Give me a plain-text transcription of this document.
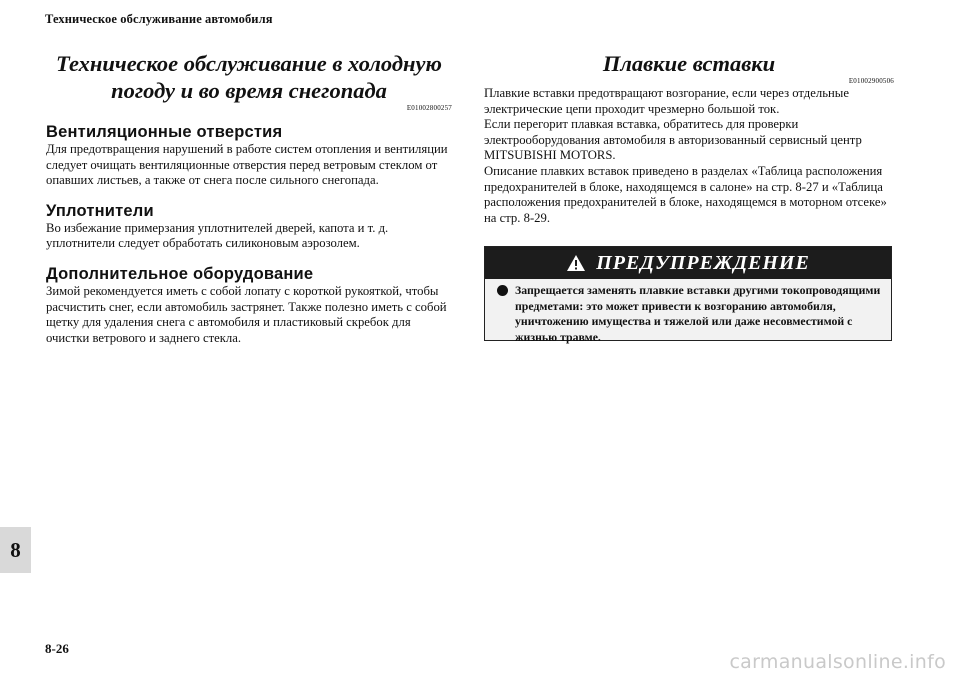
Техническое обслуживание автомобиля
Техническое обслуживание в холодную погоду и во время снегопада

E01002800257

Вентиляционные отверстия

Для предотвращения нарушений в работе систем отопления и вентиляции следует очищать вентиляционные отверстия перед ветровым стеклом от опавших листьев, а также от снега после сильного снегопада.

Уплотнители

Во избежание примерзания уплотнителей дверей, капота и т. д. уплотнители следует обработать силиконовым аэрозолем.

Дополнительное оборудование

Зимой рекомендуется иметь с собой лопату с короткой рукояткой, чтобы расчистить снег, если автомобиль застрянет. Также полезно иметь с собой щетку для удаления снега с автомобиля и пластиковый скребок для очистки ветрового и заднего стекла.

Плавкие вставки

E01002900506

Плавкие вставки предотвращают возгорание, если через отдельные электрические цепи проходит чрезмерно большой ток.

Если перегорит плавкая вставка, обратитесь для проверки электрооборудования автомобиля в авторизованный сервисный центр MITSUBISHI MOTORS.

Описание плавких вставок приведено в разделах «Таблица расположения предохранителей в блоке, находящемся в салоне» на стр. 8-27 и «Таблица расположения предохранителей в блоке, находящемся в моторном отсеке» на стр. 8-29.

ПРЕДУПРЕЖДЕНИЕ

Запрещается заменять плавкие вставки другими токопроводящими предметами: это может привести к возгоранию автомобиля, уничтожению имущества и тяжелой или даже несовместимой с жизнью травме.

8
8-26
carmanualsonline.info
